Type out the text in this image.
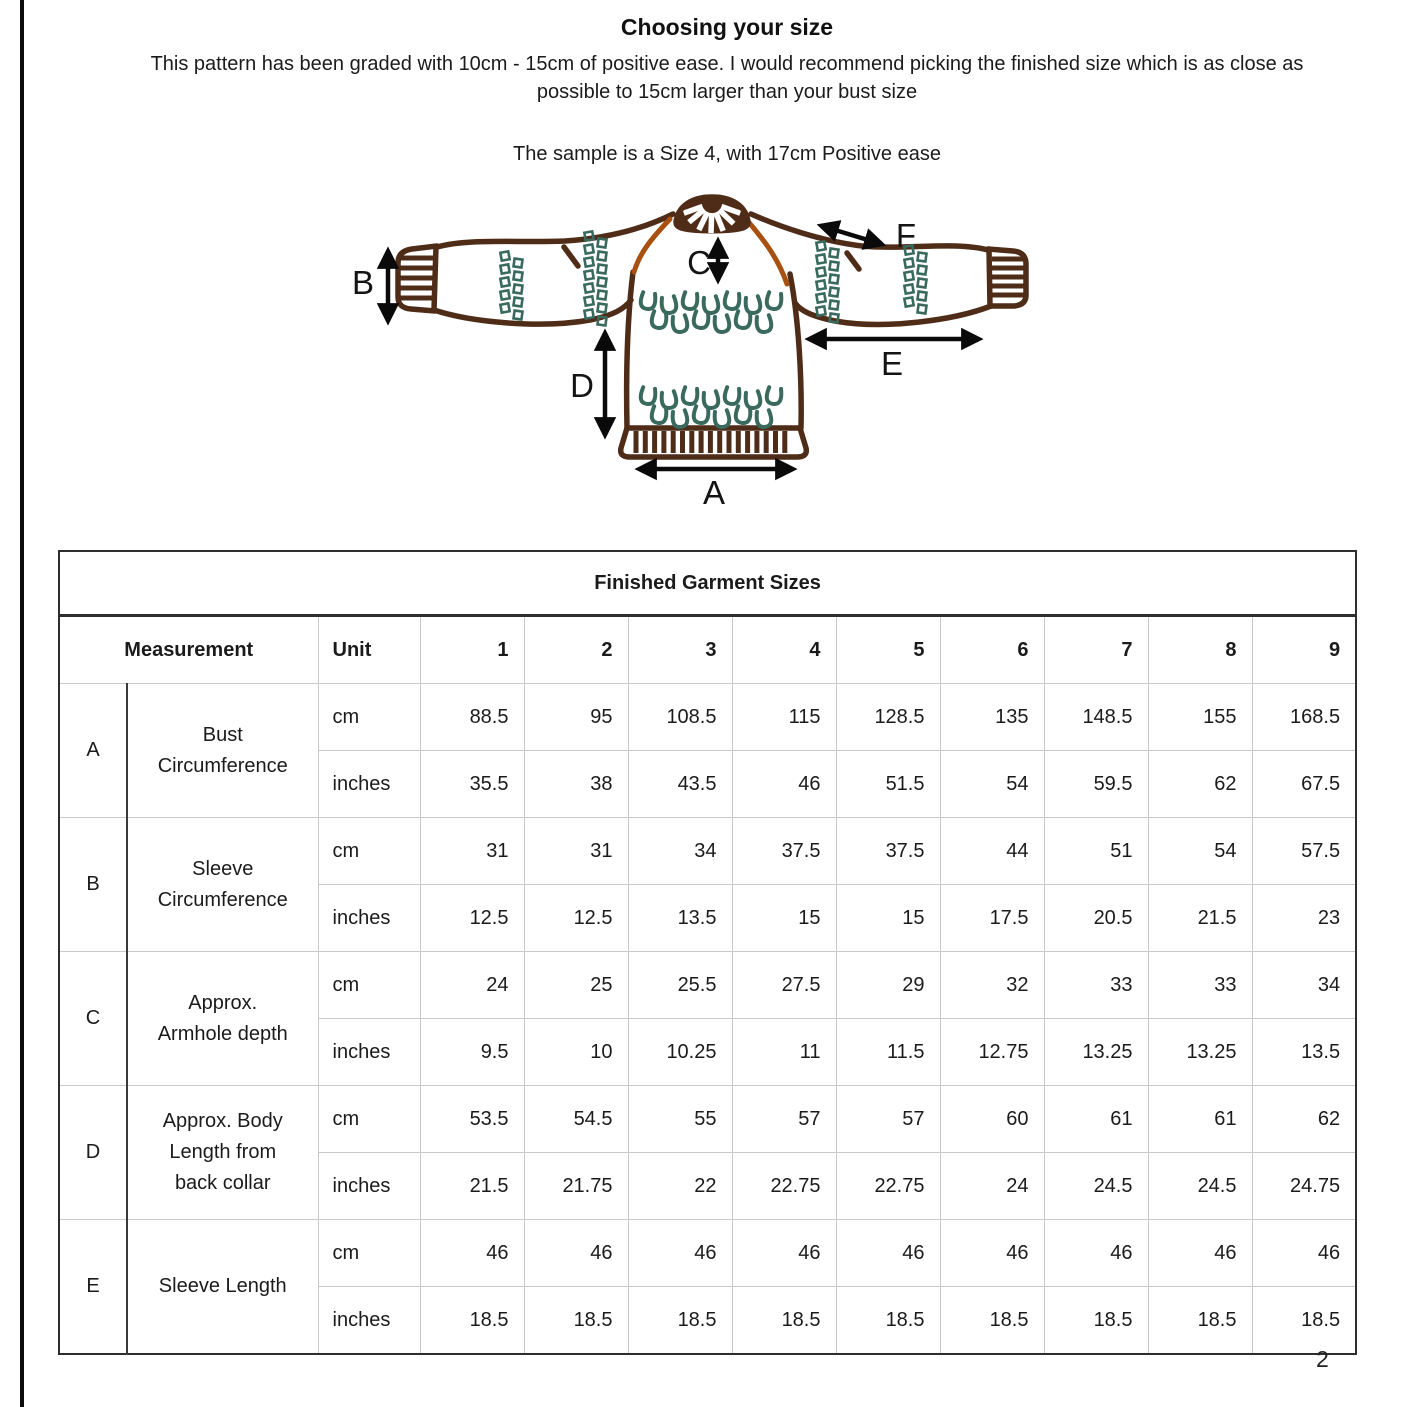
Choosing your size

This pattern has been graded with 10cm - 15cm of positive ease. I would recommend picking the finished size which is as close as possible to 15cm larger than your bust size

The sample is a Size 4, with 17cm Positive ease

B
C
D
A
E
F
Finished Garment Sizes											
Measurement		Unit	1	2	3	4	5	6	7	8	9
A	Bust Circumference	cm	88.5	95	108.5	115	128.5	135	148.5	155	168.5
		inches	35.5	38	43.5	46	51.5	54	59.5	62	67.5
B	Sleeve Circumference	cm	31	31	34	37.5	37.5	44	51	54	57.5
		inches	12.5	12.5	13.5	15	15	17.5	20.5	21.5	23
C	Approx. Armhole depth	cm	24	25	25.5	27.5	29	32	33	33	34
		inches	9.5	10	10.25	11	11.5	12.75	13.25	13.25	13.5
D	Approx. Body Length from back collar	cm	53.5	54.5	55	57	57	60	61	61	62
		inches	21.5	21.75	22	22.75	22.75	24	24.5	24.5	24.75
E	Sleeve Length	cm	46	46	46	46	46	46	46	46	46
		inches	18.5	18.5	18.5	18.5	18.5	18.5	18.5	18.5	18.5
2
